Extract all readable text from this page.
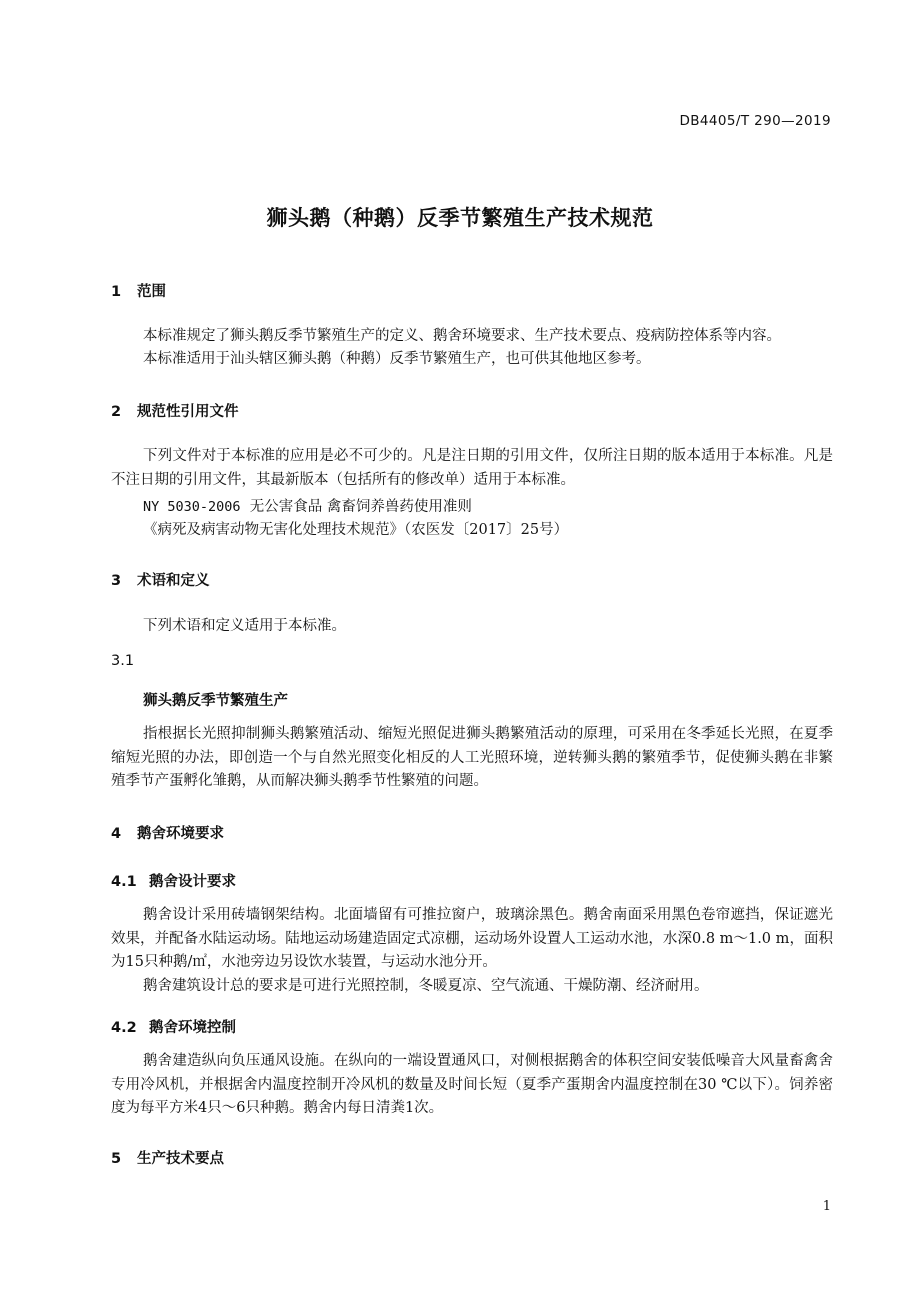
DB4405/T 290—2019
狮头鹅（种鹅）反季节繁殖生产技术规范
1 范围
本标准规定了狮头鹅反季节繁殖生产的定义、鹅舍环境要求、生产技术要点、疫病防控体系等内容。
本标准适用于汕头辖区狮头鹅（种鹅）反季节繁殖生产，也可供其他地区参考。
2 规范性引用文件
下列文件对于本标准的应用是必不可少的。凡是注日期的引用文件，仅所注日期的版本适用于本标准。凡是不注日期的引用文件，其最新版本（包括所有的修改单）适用于本标准。
NY 5030-2006 无公害食品 禽畜饲养兽药使用准则
《病死及病害动物无害化处理技术规范》（农医发〔2017〕25号）
3 术语和定义
下列术语和定义适用于本标准。
3.1
狮头鹅反季节繁殖生产
指根据长光照抑制狮头鹅繁殖活动、缩短光照促进狮头鹅繁殖活动的原理，可采用在冬季延长光照，在夏季缩短光照的办法，即创造一个与自然光照变化相反的人工光照环境，逆转狮头鹅的繁殖季节，促使狮头鹅在非繁殖季节产蛋孵化雏鹅，从而解决狮头鹅季节性繁殖的问题。
4 鹅舍环境要求
4.1 鹅舍设计要求
鹅舍设计采用砖墙钢架结构。北面墙留有可推拉窗户，玻璃涂黑色。鹅舍南面采用黑色卷帘遮挡，保证遮光效果，并配备水陆运动场。陆地运动场建造固定式凉棚，运动场外设置人工运动水池，水深0.8 m～1.0 m，面积为15只种鹅/㎡，水池旁边另设饮水装置，与运动水池分开。
鹅舍建筑设计总的要求是可进行光照控制，冬暖夏凉、空气流通、干燥防潮、经济耐用。
4.2 鹅舍环境控制
鹅舍建造纵向负压通风设施。在纵向的一端设置通风口，对侧根据鹅舍的体积空间安装低噪音大风量畜禽舍专用冷风机，并根据舍内温度控制开冷风机的数量及时间长短（夏季产蛋期舍内温度控制在30 ℃以下）。饲养密度为每平方米4只～6只种鹅。鹅舍内每日清粪1次。
5 生产技术要点
1
